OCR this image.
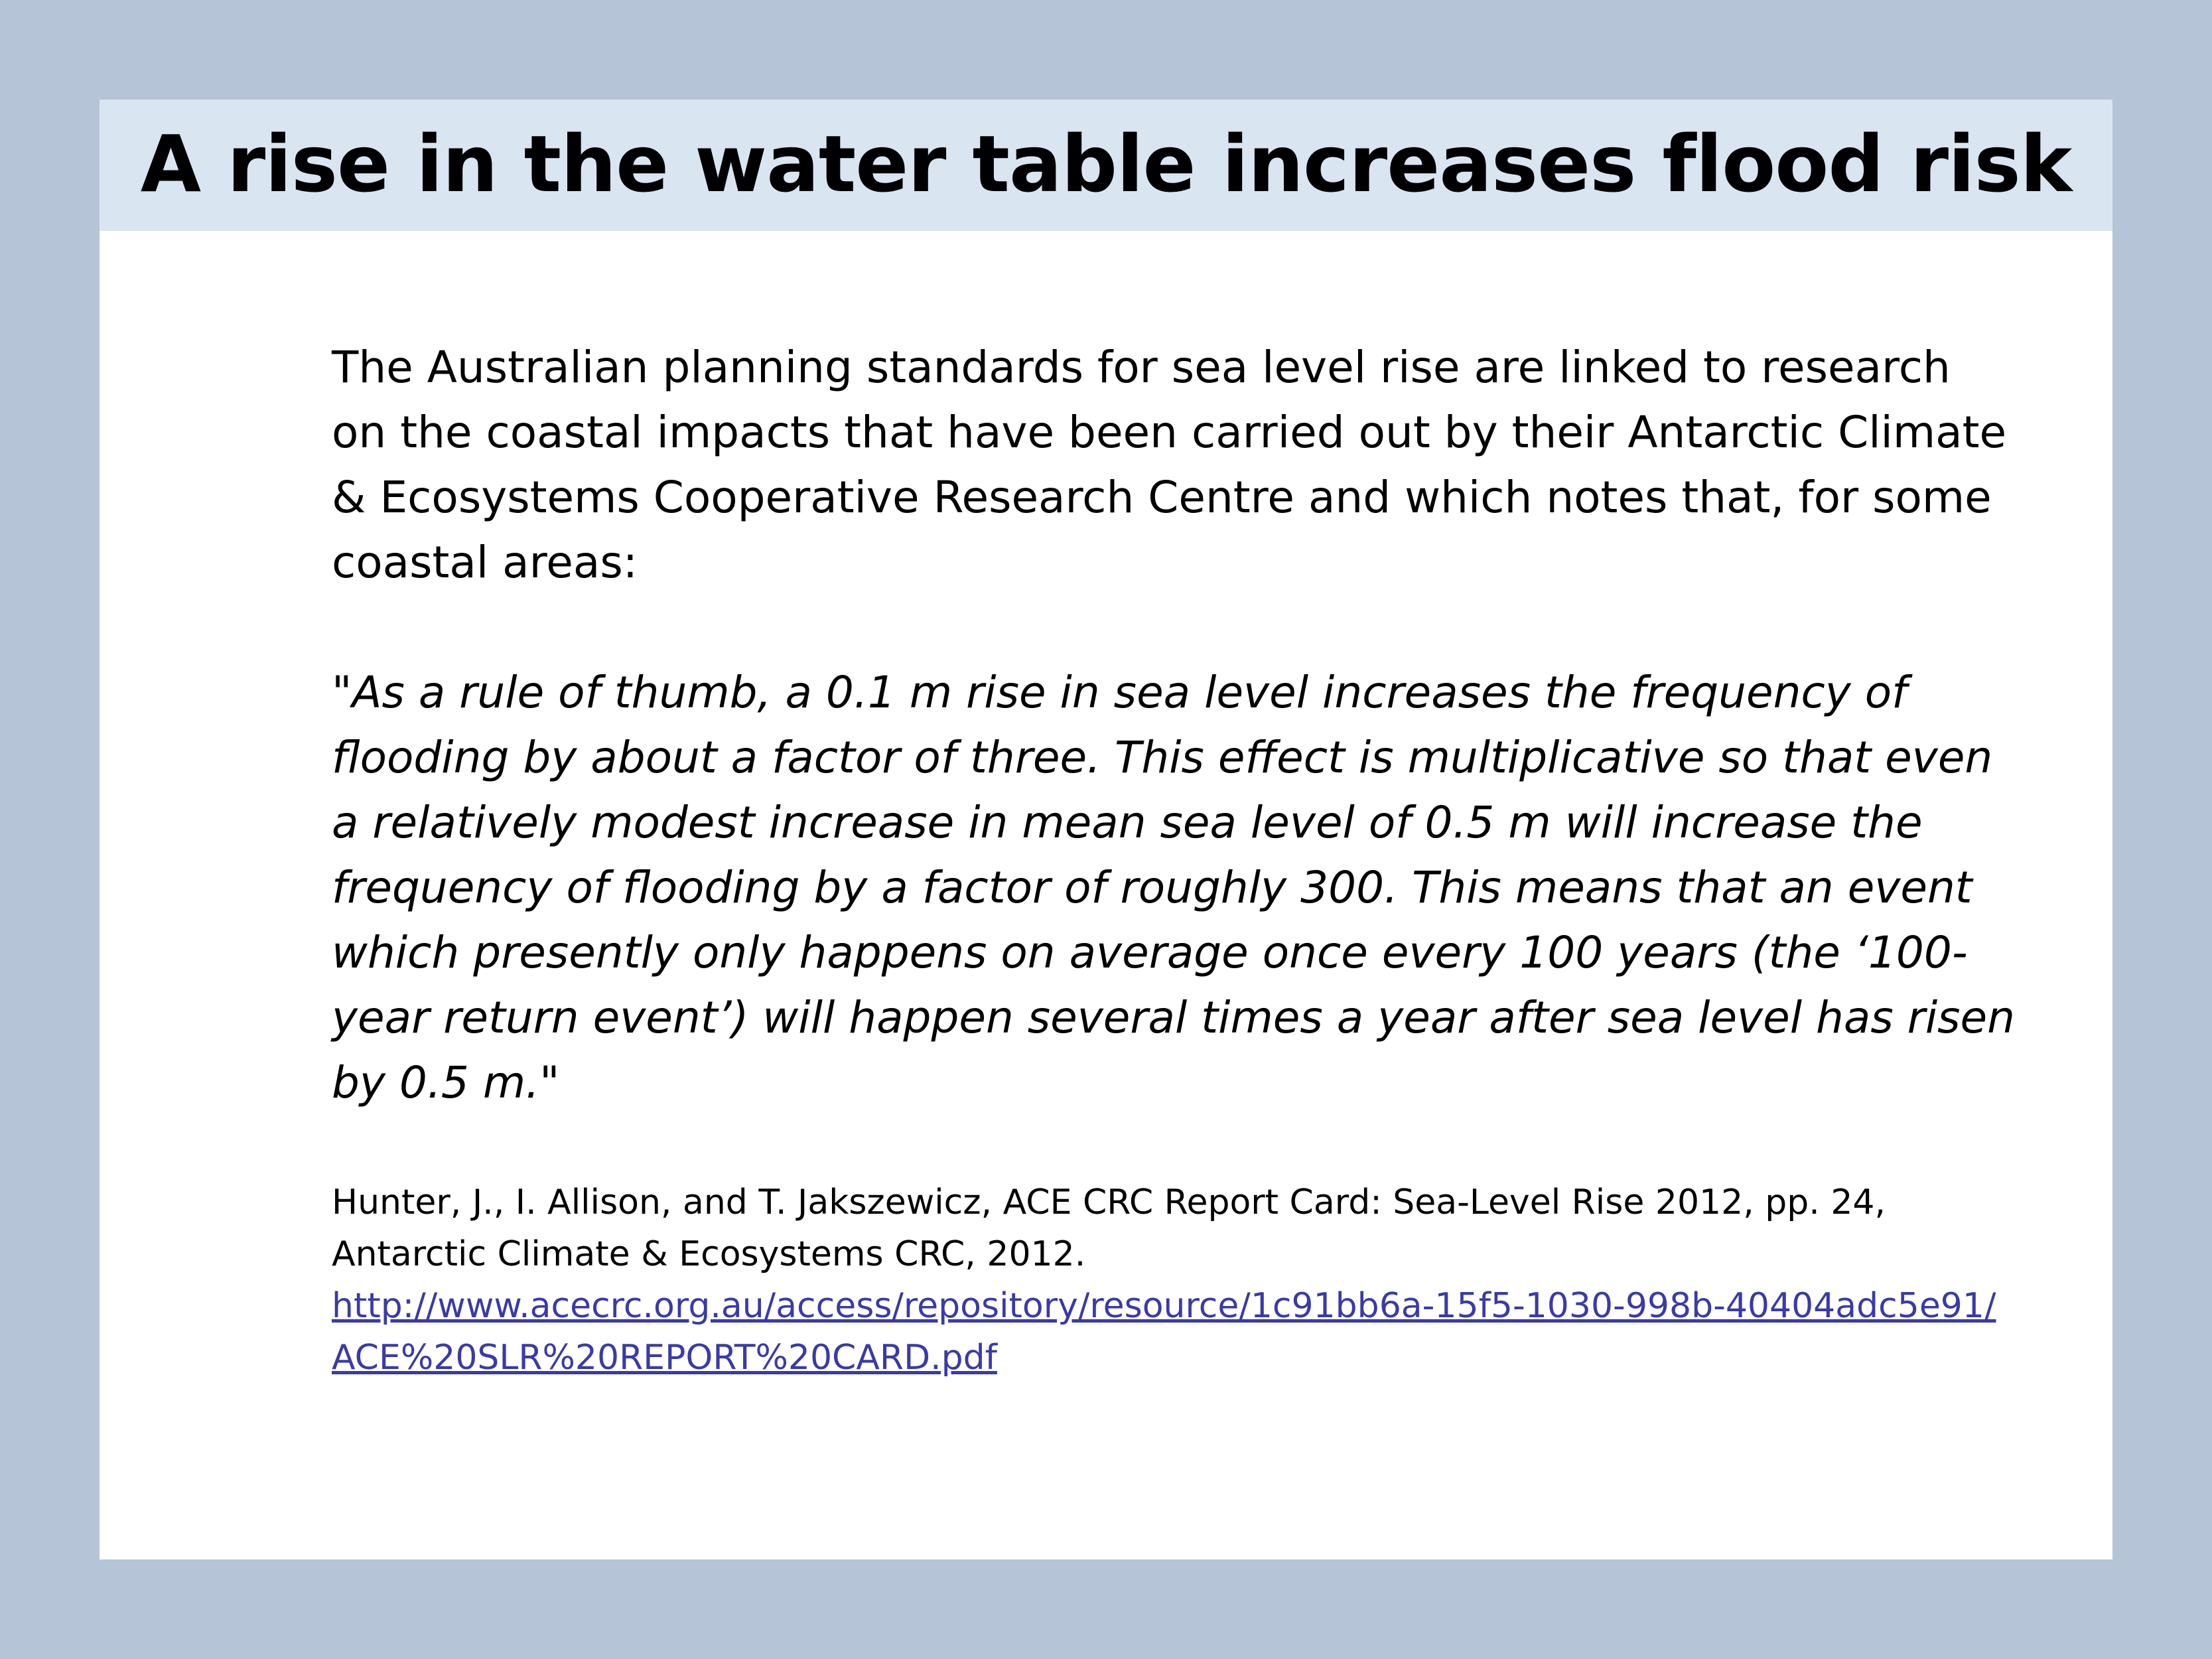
A rise in the water table increases flood risk

The Australian planning standards for sea level rise are linked to research on the coastal impacts that have been carried out by their Antarctic Climate & Ecosystems Cooperative Research Centre and which notes that, for some coastal areas:

"As a rule of thumb, a 0.1 m rise in sea level increases the frequency of flooding by about a factor of three. This effect is multiplicative so that even a relatively modest increase in mean sea level of 0.5 m will increase the frequency of flooding by a factor of roughly 300. This means that an event which presently only happens on average once every 100 years (the ‘100-year return event’) will happen several times a year after sea level has risen by 0.5 m."

Hunter, J., I. Allison, and T. Jakszewicz, ACE CRC Report Card: Sea-Level Rise 2012, pp. 24, Antarctic Climate & Ecosystems CRC, 2012.
http://www.acecrc.org.au/access/repository/resource/1c91bb6a-15f5-1030-998b-40404adc5e91/ACE%20SLR%20REPORT%20CARD.pdf
